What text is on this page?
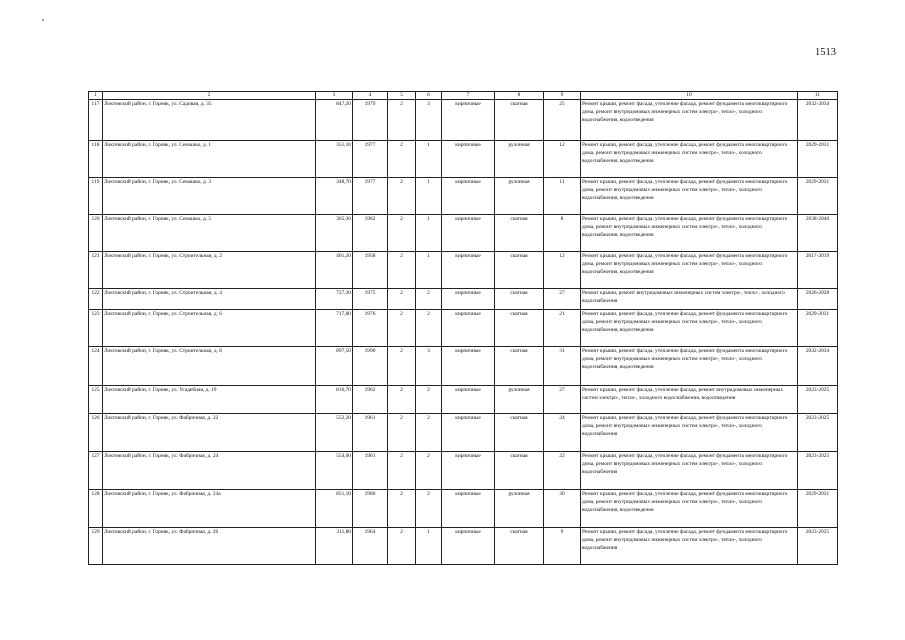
1513
1	2	3	4	5	6	7	8	9	10	11
117	Локтевский район, г. Горняк, ул. Садовая, д. 35	847,20	1979	2	3	кирпичные	скатная	25	Ремонт крыши, ремонт фасада, утепление фасада, ремонт фундамента многоквартирного дома, ремонт внутридомовых инженерных систем электро-, тепло-, холодного водоснабжения, водоотведения	2032-2034
118	Локтевский район, г. Горняк, ул. Семашко, д. 1	351,10	1977	2	1	кирпичные	рулонная	12	Ремонт крыши, ремонт фасада, утепление фасада, ремонт фундамента многоквартирного дома, ремонт внутридомовых инженерных систем электро-, тепло-, холодного водоснабжения, водоотведения	2029-2031
119	Локтевский район, г. Горняк, ул. Семашко, д. 3	348,70	1977	2	1	кирпичные	рулонная	11	Ремонт крыши, ремонт фасада, утепление фасада, ремонт фундамента многоквартирного дома, ремонт внутридомовых инженерных систем электро-, тепло-, холодного водоснабжения, водоотведения	2029-2031
120	Локтевский район, г. Горняк, ул. Семашко, д. 5	365,30	1982	2	1	кирпичные	скатная	8	Ремонт крыши, ремонт фасада, утепление фасада, ремонт фундамента многоквартирного дома, ремонт внутридомовых инженерных систем электро-, тепло-, холодного водоснабжения, водоотведения	2038-2040
121	Локтевский район, г. Горняк, ул. Строительная, д. 2	401,20	1958	2	1	кирпичные	скатная	12	Ремонт крыши, ремонт фасада, утепление фасада, ремонт фундамента многоквартирного дома, ремонт внутридомовых инженерных систем электро-, тепло-, холодного водоснабжения, водоотведения	2017-2019
122	Локтевский район, г. Горняк, ул. Строительная, д. 4	727,30	1975	2	2	кирпичные	скатная	27	Ремонт крыши, ремонт внутридомовых инженерных систем электро-, тепло-, холодного водоснабжения	2026-2028
123	Локтевский район, г. Горняк, ул. Строительная, д. 6	717,80	1976	2	2	кирпичные	скатная	21	Ремонт крыши, ремонт фасада, утепление фасада, ремонт фундамента многоквартирного дома, ремонт внутридомовых инженерных систем электро-, тепло-, холодного водоснабжения, водоотведения	2029-2031
124	Локтевский район, г. Горняк, ул. Строительная, д. 8	897,50	1990	2	3	кирпичные	скатная	31	Ремонт крыши, ремонт фасада, утепление фасада, ремонт фундамента многоквартирного дома, ремонт внутридомовых инженерных систем электро-, тепло-, холодного водоснабжения, водоотведения	2032-2034
125	Локтевский район, г. Горняк, ул. Усадебная, д. 19	816,70	1962	2	2	кирпичные	рулонная	27	Ремонт крыши, ремонт фасада, утепление фасада, ремонт внутридомовых инженерных систем электро-, тепло-, холодного водоснабжения, водоотведения	2023-2025
126	Локтевский район, г. Горняк, ул. Фабричная, д. 22	552,20	1961	2	2	кирпичные	скатная	24	Ремонт крыши, ремонт фасада, утепление фасада, ремонт фундамента многоквартирного дома, ремонт внутридомовых инженерных систем электро-, тепло-, холодного водоснабжения	2023-2025
127	Локтевский район, г. Горняк, ул. Фабричная, д. 24	554,00	1961	2	2	кирпичные	скатная	22	Ремонт крыши, ремонт фасада, утепление фасада, ремонт фундамента многоквартирного дома, ремонт внутридомовых инженерных систем электро-, тепло-, холодного водоснабжения	2023-2025
128	Локтевский район, г. Горняк, ул. Фабричная, д. 24а	851,10	1980	2	2	кирпичные	рулонная	30	Ремонт крыши, ремонт фасада, утепление фасада, ремонт фундамента многоквартирного дома, ремонт внутридомовых инженерных систем электро-, тепло-, холодного водоснабжения, водоотведения	2029-2031
129	Локтевский район, г. Горняк, ул. Фабричная, д. 26	311,80	1964	2	1	кирпичные	скатная	9	Ремонт крыши, ремонт фасада, утепление фасада, ремонт фундамента многоквартирного дома, ремонт внутридомовых инженерных систем электро-, тепло-, холодного водоснабжения	2023-2025
